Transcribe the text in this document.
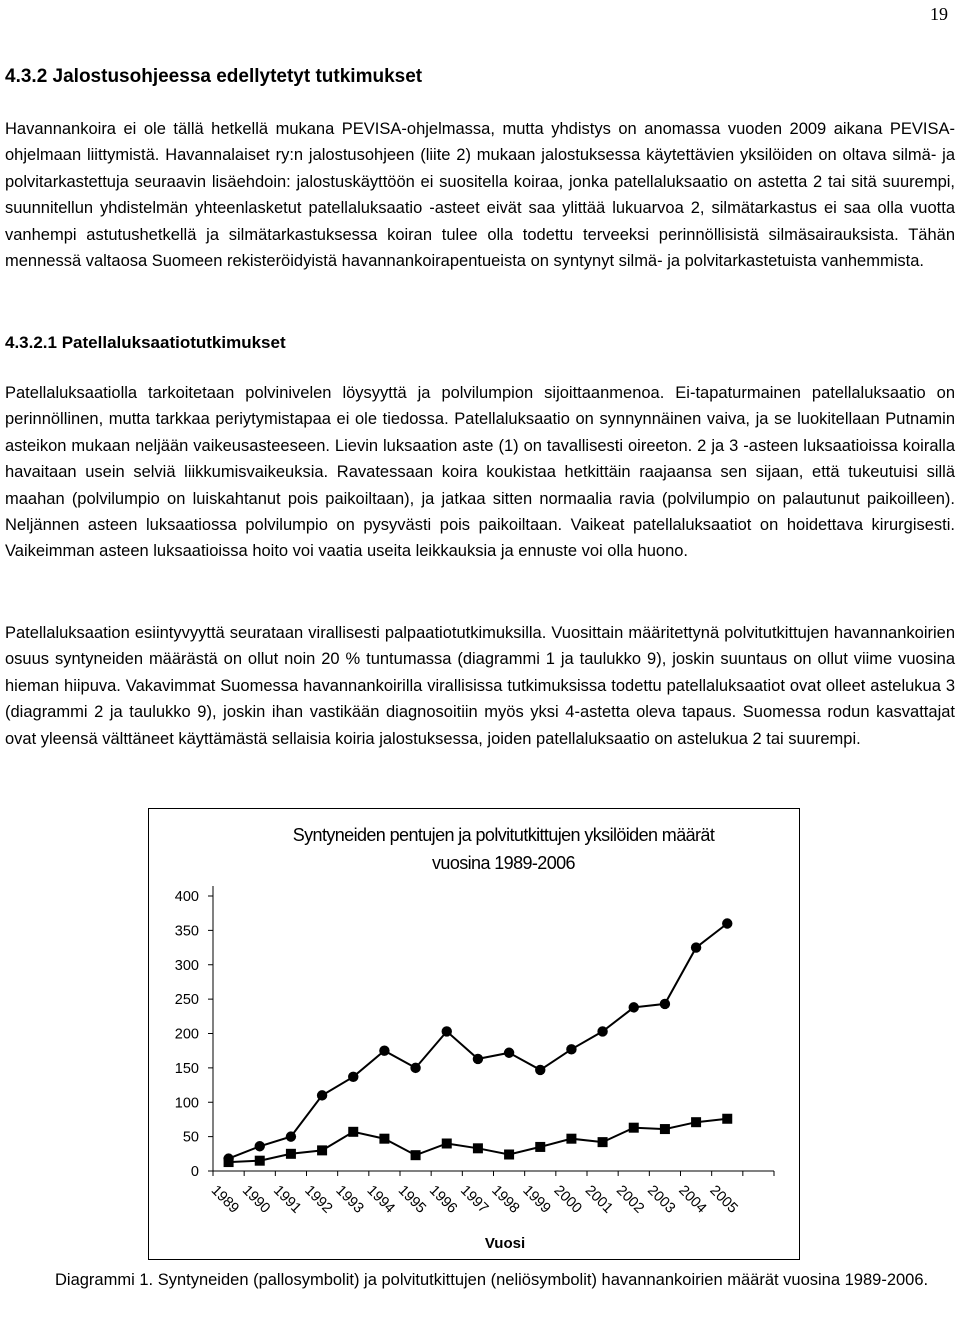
19
4.3.2 Jalostusohjeessa edellytetyt tutkimukset

Havannankoira ei ole tällä hetkellä mukana PEVISA-ohjelmassa, mutta yhdistys on anomassa vuoden 2009 aikana PEVISA-ohjelmaan liittymistä. Havannalaiset ry:n jalostusohjeen (liite 2) mukaan jalostuksessa käytettävien yksilöiden on oltava silmä- ja polvitarkastettuja seuraavin lisäehdoin: jalostuskäyttöön ei suositella koiraa, jonka patellaluksaatio on astetta 2 tai sitä suurempi, suunnitellun yhdistelmän yhteenlasketut patellaluksaatio -asteet eivät saa ylittää lukuarvoa 2, silmätarkastus ei saa olla vuotta vanhempi astutushetkellä ja silmätarkastuksessa koiran tulee olla todettu terveeksi perinnöllisistä silmäsairauksista. Tähän mennessä valtaosa Suomeen rekisteröidyistä havannankoirapentueista on syntynyt silmä- ja polvitarkastetuista vanhemmista.

4.3.2.1 Patellaluksaatiotutkimukset

Patellaluksaatiolla tarkoitetaan polvinivelen löysyyttä ja polvilumpion sijoittaanmenoa. Ei-tapaturmainen patellaluksaatio on perinnöllinen, mutta tarkkaa periytymistapaa ei ole tiedossa. Patellaluksaatio on synnynnäinen vaiva, ja se luokitellaan Putnamin asteikon mukaan neljään vaikeusasteeseen. Lievin luksaation aste (1) on tavallisesti oireeton. 2 ja 3 -asteen luksaatioissa koiralla havaitaan usein selviä liikkumisvaikeuksia. Ravatessaan koira koukistaa hetkittäin raajaansa sen sijaan, että tukeutuisi sillä maahan (polvilumpio on luiskahtanut pois paikoiltaan), ja jatkaa sitten normaalia ravia (polvilumpio on palautunut paikoilleen). Neljännen asteen luksaatiossa polvilumpio on pysyvästi pois paikoiltaan. Vaikeat patellaluksaatiot on hoidettava kirurgisesti. Vaikeimman asteen luksaatioissa hoito voi vaatia useita leikkauksia ja ennuste voi olla huono.

Patellaluksaation esiintyvyyttä seurataan virallisesti palpaatiotutkimuksilla. Vuosittain määritettynä polvitutkittujen havannankoirien osuus syntyneiden määrästä on ollut noin 20 % tuntumassa (diagrammi 1 ja taulukko 9), joskin suuntaus on ollut viime vuosina hieman hiipuva. Vakavimmat Suomessa havannankoirilla virallisissa tutkimuksissa todettu patellaluksaatiot ovat olleet astelukua 3 (diagrammi 2 ja taulukko 9), joskin ihan vastikään diagnosoitiin myös yksi 4-astetta oleva tapaus. Suomessa rodun kasvattajat ovat yleensä välttäneet käyttämästä sellaisia koiria jalostuksessa, joiden patellaluksaatio on astelukua 2 tai suurempi.

Syntyneiden pentujen ja polvitutkittujen yksilöiden määrät
vuosina 1989-2006
0
50
100
150
200
250
300
350
400
1989
1990
1991
1992
1993
1994
1995
1996
1997
1998
1999
2000
2001
2002
2003
2004
2005
Vuosi

Diagrammi 1. Syntyneiden (pallosymbolit) ja polvitutkittujen (neliösymbolit) havannankoirien määrät vuosina 1989-2006.
